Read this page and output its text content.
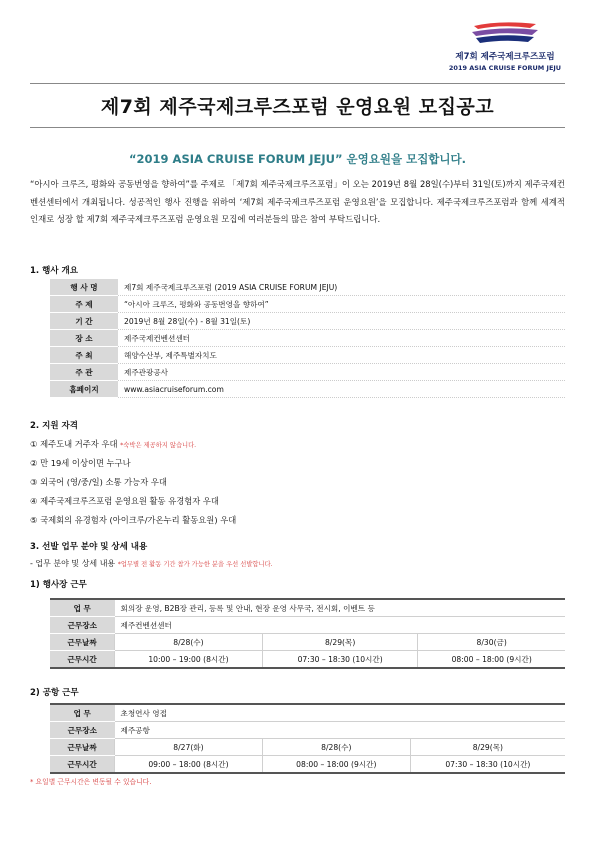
제7회 제주국제크루즈포럼
2019 ASIA CRUISE FORUM JEJU
제7회 제주국제크루즈포럼 운영요원 모집공고
“2019 ASIA CRUISE FORUM JEJU” 운영요원을 모집합니다.
“아시아 크루즈, 평화와 공동번영을 향하여”를 주제로 「제7회 제주국제크루즈포럼」이 오는 2019년 8월 28일(수)부터 31일(토)까지 제주국제컨벤션센터에서 개최됩니다. 성공적인 행사 진행을 위하여 ‘제7회 제주국제크루즈포럼 운영요원’을 모집합니다. 제주국제크루즈포럼과 함께 세계적 인재로 성장 할 제7회 제주국제크루즈포럼 운영요원 모집에 여러분들의 많은 참여 부탁드립니다.
1. 행사 개요
행 사 명	제7회 제주국제크루즈포럼 (2019 ASIA CRUISE FORUM JEJU)
주 제	“아시아 크루즈, 평화와 공동번영을 향하여”
기 간	2019년 8월 28일(수) - 8월 31일(토)
장 소	제주국제컨벤션센터
주 최	해양수산부, 제주특별자치도
주 관	제주관광공사
홈페이지	www.asiacruiseforum.com
2. 지원 자격
① 제주도내 거주자 우대 *숙박은 제공하지 않습니다.
② 만 19세 이상이면 누구나
③ 외국어 (영/중/일) 소통 가능자 우대
④ 제주국제크루즈포럼 운영요원 활동 유경험자 우대
⑤ 국제회의 유경험자 (아이크루/가온누리 활동요원) 우대
3. 선발 업무 분야 및 상세 내용
- 업무 분야 및 상세 내용 *업무별 전 활동 기간 참가 가능한 분을 우선 선발합니다.
1) 행사장 근무
업 무	회의장 운영, B2B장 관리, 등록 및 안내, 현장 운영 사무국, 전시회, 이벤트 등		
근무장소	제주컨벤션센터		
근무날짜	8/28(수)	8/29(목)	8/30(금)
근무시간	10:00 – 19:00 (8시간)	07:30 – 18:30 (10시간)	08:00 – 18:00 (9시간)
2) 공항 근무
업 무	초청연사 영접		
근무장소	제주공항		
근무날짜	8/27(화)	8/28(수)	8/29(목)
근무시간	09:00 – 18:00 (8시간)	08:00 – 18:00 (9시간)	07:30 – 18:30 (10시간)
* 요일별 근무시간은 변동될 수 있습니다.
